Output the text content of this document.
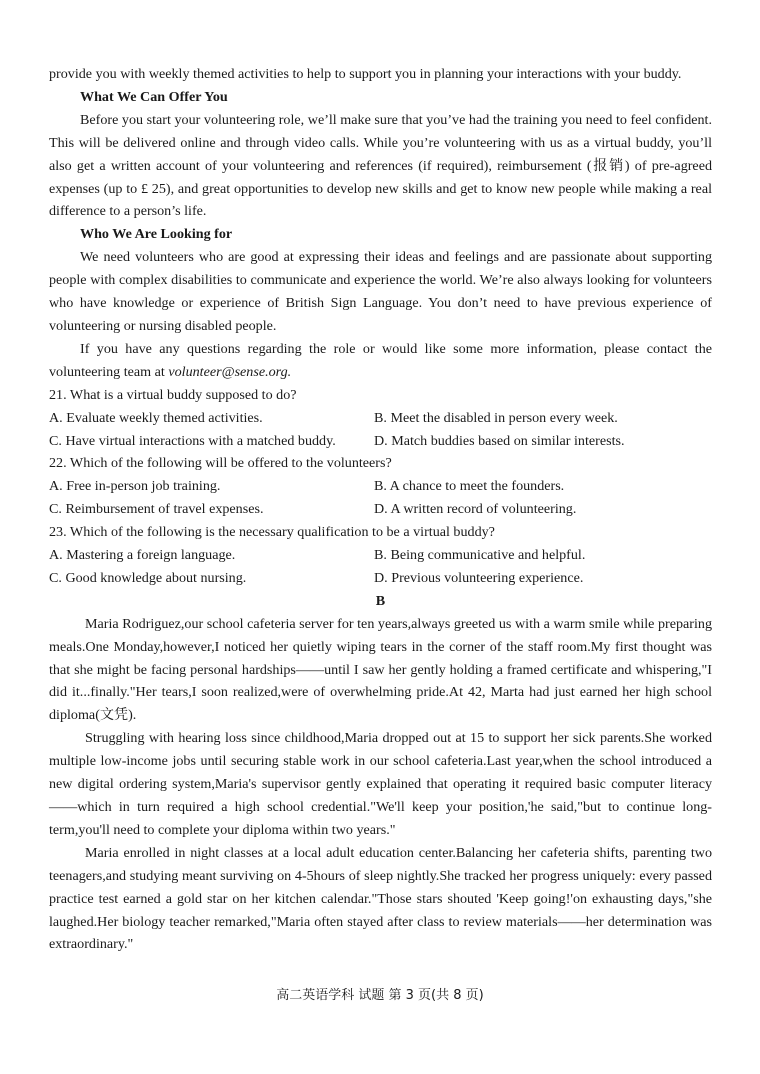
provide you with weekly themed activities to help to support you in planning your interactions with your buddy.

What We Can Offer You

Before you start your volunteering role, we’ll make sure that you’ve had the training you need to feel confident. This will be delivered online and through video calls. While you’re volunteering with us as a virtual buddy, you’ll also get a written account of your volunteering and references (if required), reimbursement (报销) of pre-agreed expenses (up to £ 25), and great opportunities to develop new skills and get to know new people while making a real difference to a person’s life.

Who We Are Looking for

We need volunteers who are good at expressing their ideas and feelings and are passionate about supporting people with complex disabilities to communicate and experience the world. We’re also always looking for volunteers who have knowledge or experience of British Sign Language. You don’t need to have previous experience of volunteering or nursing disabled people.

If you have any questions regarding the role or would like some more information, please contact the volunteering team at volunteer@sense.org.

21. What is a virtual buddy supposed to do?

A. Evaluate weekly themed activities.	B. Meet the disabled in person every week.
C. Have virtual interactions with a matched buddy.	D. Match buddies based on similar interests.

22. Which of the following will be offered to the volunteers?

A. Free in-person job training.	B. A chance to meet the founders.
C. Reimbursement of travel expenses.	D. A written record of volunteering.

23. Which of the following is the necessary qualification to be a virtual buddy?

A. Mastering a foreign language.	B. Being communicative and helpful.
C. Good knowledge about nursing.	D. Previous volunteering experience.

B

Maria Rodriguez,our school cafeteria server for ten years,always greeted us with a warm smile while preparing meals.One Monday,however,I noticed her quietly wiping tears in the corner of the staff room.My first thought was that she might be facing personal hardships——until I saw her gently holding a framed certificate and whispering,"I did it...finally."Her tears,I soon realized,were of overwhelming pride.At 42, Marta had just earned her high school diploma(文凭).

Struggling with hearing loss since childhood,Maria dropped out at 15 to support her sick parents.She worked multiple low-income jobs until securing stable work in our school cafeteria.Last year,when the school introduced a new digital ordering system,Maria's supervisor gently explained that operating it required basic computer literacy——which in turn required a high school credential."We'll keep your position,'he said,"but to continue long-term,you'll need to complete your diploma within two years."

Maria enrolled in night classes at a local adult education center.Balancing her cafeteria shifts, parenting two teenagers,and studying meant surviving on 4-5hours of sleep nightly.She tracked her progress uniquely: every passed practice test earned a gold star on her kitchen calendar."Those stars shouted 'Keep going!'on exhausting days,"she laughed.Her biology teacher remarked,"Maria often stayed after class to review materials——her determination was extraordinary."

高二英语学科 试题 第 3 页(共 8 页)
